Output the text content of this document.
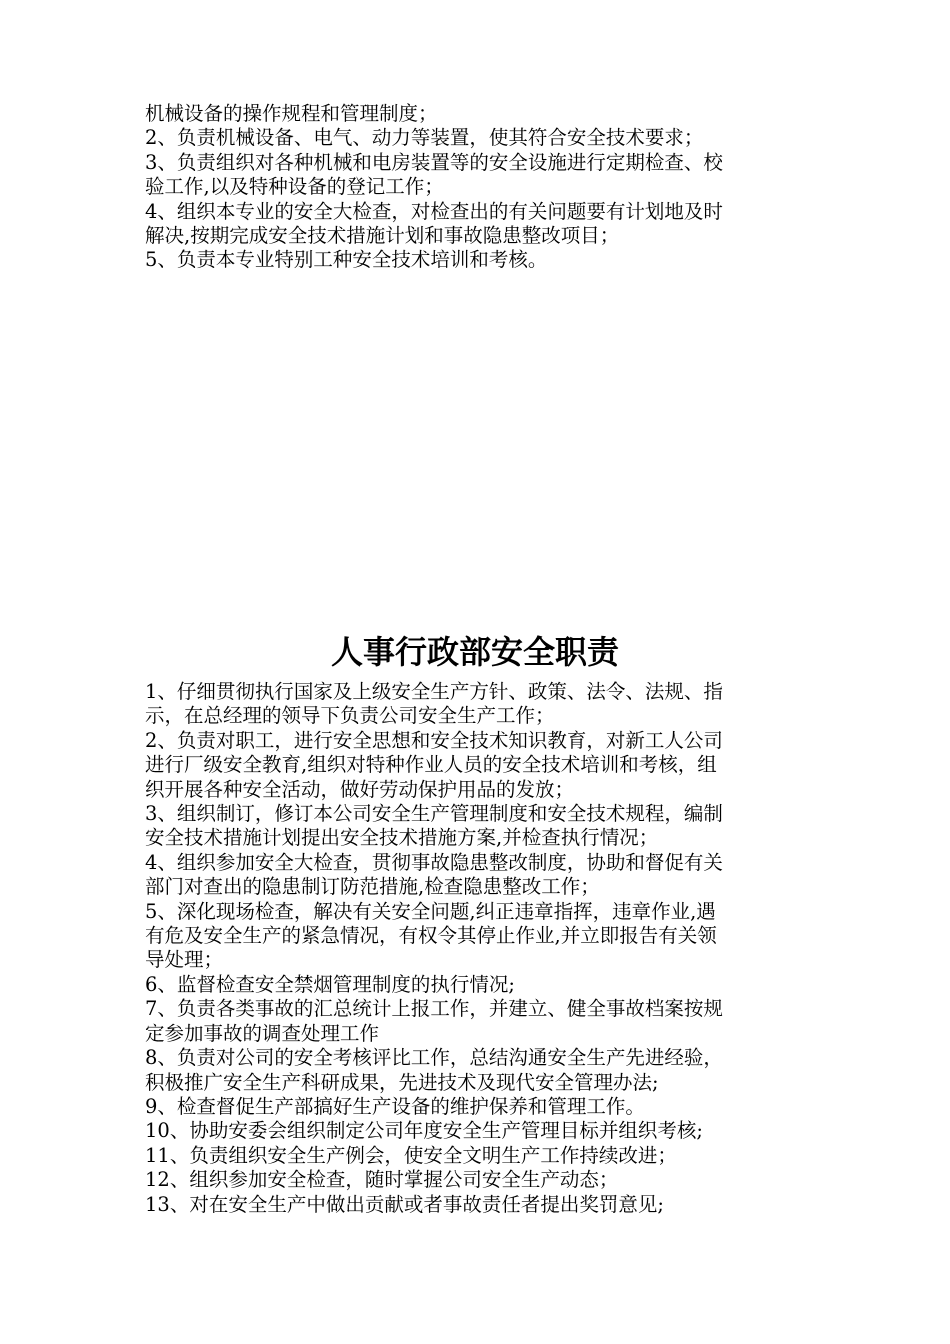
机械设备的操作规程和管理制度；
2、负责机械设备、电气、动力等装置，使其符合安全技术要求；
3、负责组织对各种机械和电房装置等的安全设施进行定期检查、校
验工作,以及特种设备的登记工作；
4、组织本专业的安全大检查，对检查出的有关问题要有计划地及时
解决,按期完成安全技术措施计划和事故隐患整改项目；
5、负责本专业特别工种安全技术培训和考核。
人事行政部安全职责
1、仔细贯彻执行国家及上级安全生产方针、政策、法令、法规、指
示，在总经理的领导下负责公司安全生产工作；
2、负责对职工，进行安全思想和安全技术知识教育，对新工人公司
进行厂级安全教育,组织对特种作业人员的安全技术培训和考核，组
织开展各种安全活动，做好劳动保护用品的发放；
3、组织制订，修订本公司安全生产管理制度和安全技术规程，编制
安全技术措施计划提出安全技术措施方案,并检查执行情况；
4、组织参加安全大检查，贯彻事故隐患整改制度，协助和督促有关
部门对查出的隐患制订防范措施,检查隐患整改工作；
5、深化现场检查，解决有关安全问题,纠正违章指挥，违章作业,遇
有危及安全生产的紧急情况，有权令其停止作业,并立即报告有关领
导处理；
6、监督检查安全禁烟管理制度的执行情况;
7、负责各类事故的汇总统计上报工作，并建立、健全事故档案按规
定参加事故的调查处理工作
8、负责对公司的安全考核评比工作，总结沟通安全生产先进经验，
积极推广安全生产科研成果，先进技术及现代安全管理办法;
9、检查督促生产部搞好生产设备的维护保养和管理工作。
10、协助安委会组织制定公司年度安全生产管理目标并组织考核;
11、负责组织安全生产例会，使安全文明生产工作持续改进；
12、组织参加安全检查，随时掌握公司安全生产动态；
13、对在安全生产中做出贡献或者事故责任者提出奖罚意见;
